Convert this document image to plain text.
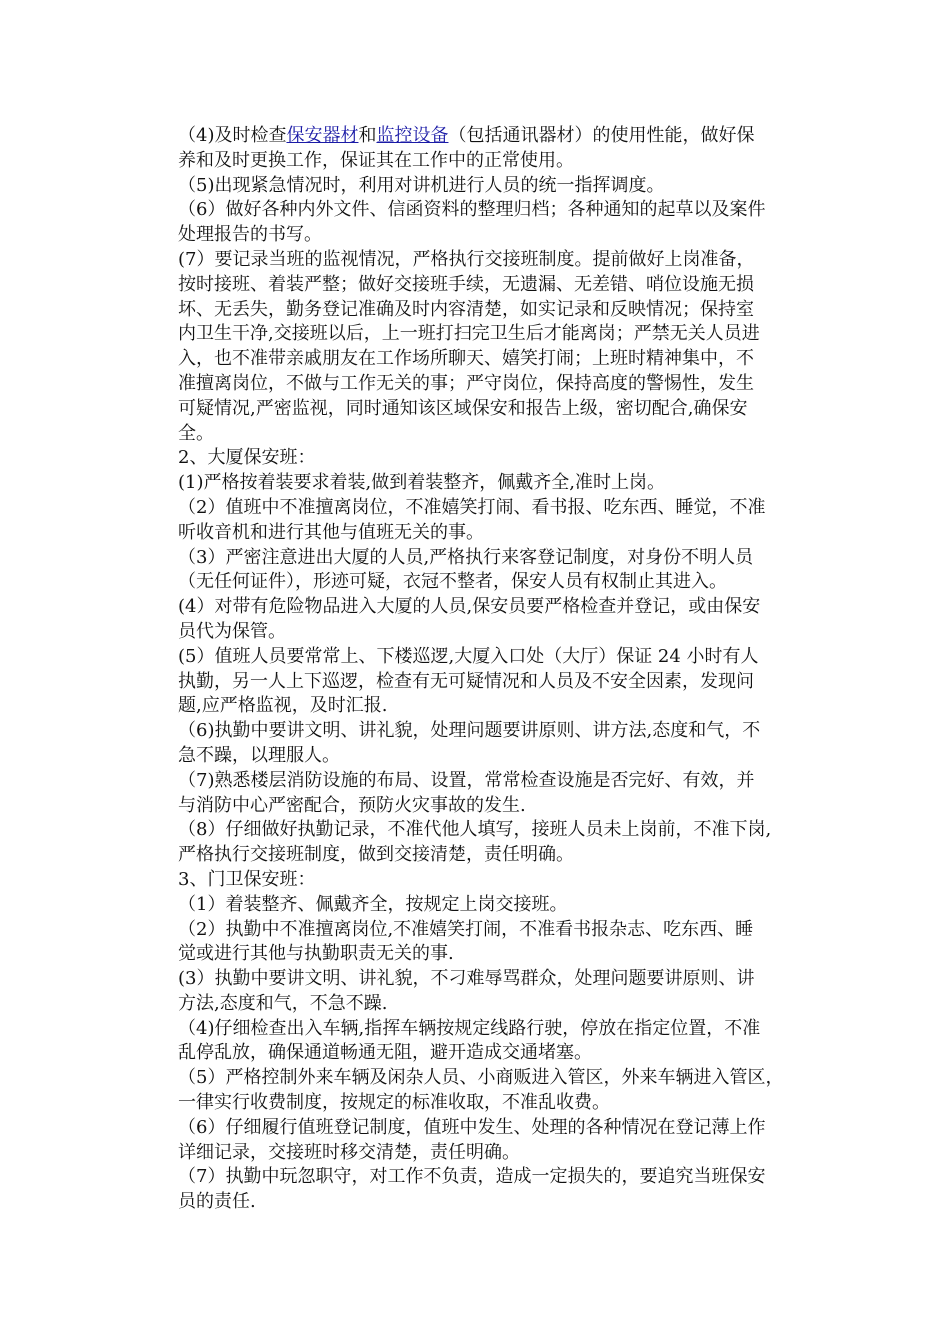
（4)及时检查保安器材和监控设备（包括通讯器材）的使用性能，做好保
养和及时更换工作，保证其在工作中的正常使用。
（5)出现紧急情况时，利用对讲机进行人员的统一指挥调度。
（6）做好各种内外文件、信函资料的整理归档；各种通知的起草以及案件
处理报告的书写。
(7）要记录当班的监视情况，严格执行交接班制度。提前做好上岗准备，
按时接班、着装严整；做好交接班手续，无遗漏、无差错、哨位设施无损
坏、无丢失，勤务登记准确及时内容清楚，如实记录和反映情况；保持室
内卫生干净,交接班以后，上一班打扫完卫生后才能离岗；严禁无关人员进
入，也不准带亲戚朋友在工作场所聊天、嬉笑打闹；上班时精神集中，不
准擅离岗位，不做与工作无关的事；严守岗位，保持高度的警惕性，发生
可疑情况,严密监视，同时通知该区域保安和报告上级，密切配合,确保安
全。
2、大厦保安班：
(1)严格按着装要求着装,做到着装整齐，佩戴齐全,准时上岗。
（2）值班中不准擅离岗位，不准嬉笑打闹、看书报、吃东西、睡觉，不准
听收音机和进行其他与值班无关的事。
（3）严密注意进出大厦的人员,严格执行来客登记制度，对身份不明人员
（无任何证件），形迹可疑，衣冠不整者，保安人员有权制止其进入。
(4）对带有危险物品进入大厦的人员,保安员要严格检查并登记，或由保安
员代为保管。
(5）值班人员要常常上、下楼巡逻,大厦入口处（大厅）保证 24 小时有人
执勤，另一人上下巡逻，检查有无可疑情况和人员及不安全因素，发现问
题,应严格监视，及时汇报.
（6)执勤中要讲文明、讲礼貌，处理问题要讲原则、讲方法,态度和气，不
急不躁，以理服人。
（7)熟悉楼层消防设施的布局、设置，常常检查设施是否完好、有效，并
与消防中心严密配合，预防火灾事故的发生.
（8）仔细做好执勤记录，不准代他人填写，接班人员未上岗前，不准下岗,
严格执行交接班制度，做到交接清楚，责任明确。
3、门卫保安班：
（1）着装整齐、佩戴齐全，按规定上岗交接班。
（2）执勤中不准擅离岗位,不准嬉笑打闹，不准看书报杂志、吃东西、睡
觉或进行其他与执勤职责无关的事.
(3）执勤中要讲文明、讲礼貌，不刁难辱骂群众，处理问题要讲原则、讲
方法,态度和气，不急不躁.
（4)仔细检查出入车辆,指挥车辆按规定线路行驶，停放在指定位置，不准
乱停乱放，确保通道畅通无阻，避开造成交通堵塞。
（5）严格控制外来车辆及闲杂人员、小商贩进入管区，外来车辆进入管区，
一律实行收费制度，按规定的标准收取，不准乱收费。
（6）仔细履行值班登记制度，值班中发生、处理的各种情况在登记薄上作
详细记录，交接班时移交清楚，责任明确。
（7）执勤中玩忽职守，对工作不负责，造成一定损失的，要追究当班保安
员的责任.
